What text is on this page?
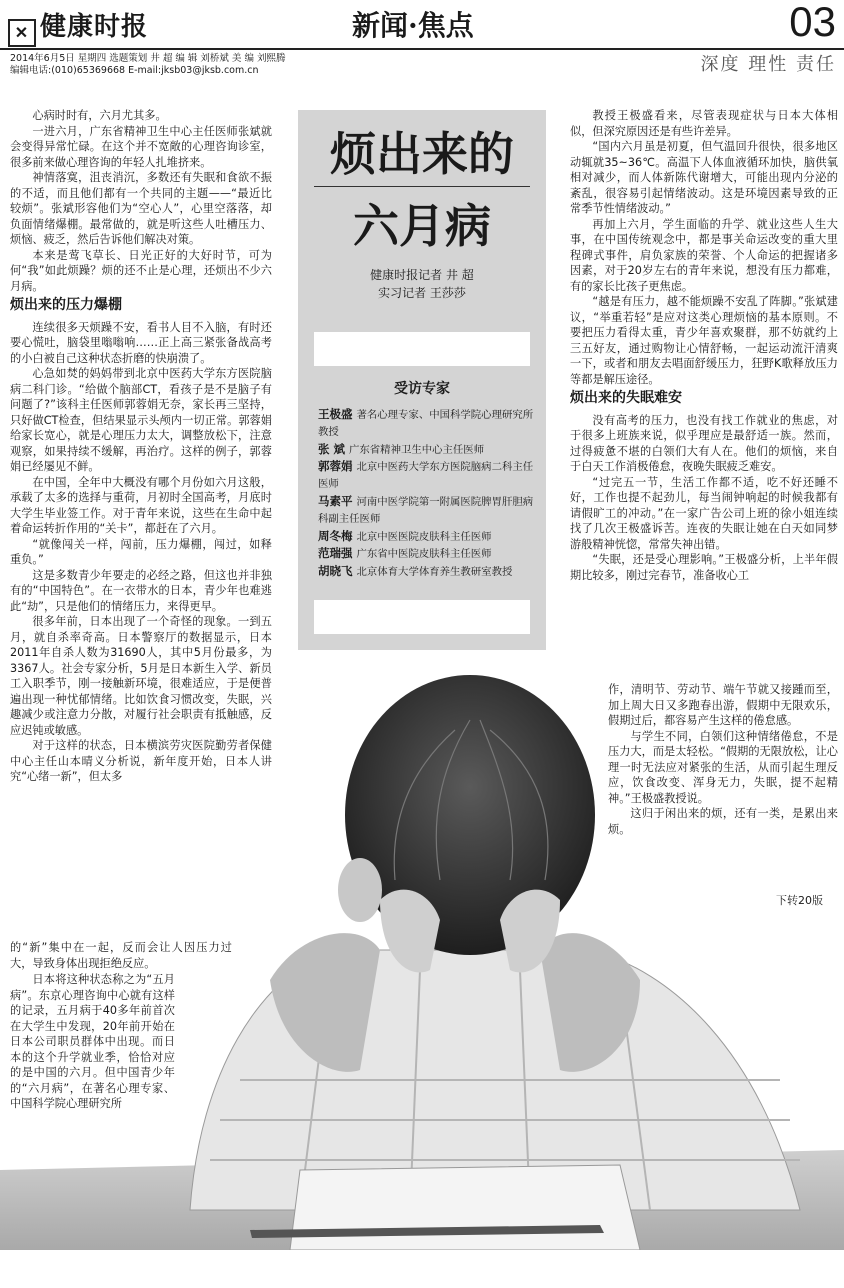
✕ 健康时报	新闻·焦点	03
2014年6月5日 星期四 选题策划 井 超 编 辑 刘桥斌 美 编 刘熙腾
编辑电话:(010)65369668 E-mail:jksb03@jksb.com.cn	深度 理性 责任

心病时时有，六月尤其多。

一进六月，广东省精神卫生中心主任医师张斌就会变得异常忙碌。在这个并不宽敞的心理咨询诊室，很多前来做心理咨询的年轻人扎堆挤来。

神情落寞，沮丧消沉，多数还有失眠和食欲不振的不适，而且他们都有一个共同的主题——“最近比较烦”。张斌形容他们为“空心人”，心里空落落，却负面情绪爆棚。最常做的，就是听这些人吐槽压力、烦恼、疲乏，然后告诉他们解决对策。

本来是莺飞草长、日光正好的大好时节，可为何“我”如此烦躁？烦的还不止是心理，还烦出不少六月病。

烦出来的压力爆棚

连续很多天烦躁不安，看书人目不入脑，有时还要心慌吐，脑袋里嗡嗡响……正上高三紧张备战高考的小白被自己这种状态折磨的快崩溃了。

心急如焚的妈妈带到北京中医药大学东方医院脑病二科门诊。“给做个脑部CT，看孩子是不是脑子有问题了?”该科主任医师郭蓉娟无奈，家长再三坚持，只好做CT检查，但结果显示头颅内一切正常。郭蓉娟给家长宽心，就是心理压力太大，调整放松下，注意观察，如果持续不缓解，再治疗。这样的例子，郭蓉娟已经屡见不鲜。

在中国，全年中大概没有哪个月份如六月这般，承载了太多的选择与重荷，月初时全国高考，月底时大学生毕业签工作。对于青年来说，这些在生命中起着命运转折作用的“关卡”，都赶在了六月。

“就像闯关一样，闯前，压力爆棚，闯过，如释重负。”

这是多数青少年要走的必经之路，但这也并非独有的“中国特色”。在一衣带水的日本，青少年也难逃此“劫”，只是他们的情绪压力，来得更早。

很多年前，日本出现了一个奇怪的现象。一到五月，就自杀率奇高。日本警察厅的数据显示，日本2011年自杀人数为31690人，其中5月份最多，为3367人。社会专家分析，5月是日本新生入学、新员工入职季节，刚一接触新环境，很难适应，于是便普遍出现一种忧郁情绪。比如饮食习惯改变，失眠，兴趣减少或注意力分散，对履行社会职责有抵触感，反应迟钝或敏感。

对于这样的状态，日本横滨劳灾医院勤劳者保健中心主任山本晴义分析说，新年度开始，日本人讲究“心绪一新”，但太多

烦出来的
六月病
健康时报记者 井 超
实习记者 王莎莎
受访专家
王极盛 著名心理专家、中国科学院心理研究所教授
张 斌 广东省精神卫生中心主任医师
郭蓉娟 北京中医药大学东方医院脑病二科主任医师
马素平 河南中医学院第一附属医院脾胃肝胆病科副主任医师
周冬梅 北京中医医院皮肤科主任医师
范瑞强 广东省中医院皮肤科主任医师
胡晓飞 北京体育大学体育养生教研室教授

教授王极盛看来，尽管表现症状与日本大体相似，但深究原因还是有些许差异。

“国内六月虽是初夏，但气温回升很快，很多地区动辄就35~36℃。高温下人体血液循环加快，脑供氧相对减少，而人体新陈代谢增大，可能出现内分泌的紊乱，很容易引起情绪波动。这是环境因素导致的正常季节性情绪波动。”

再加上六月，学生面临的升学、就业这些人生大事，在中国传统观念中，都是事关命运改变的重大里程碑式事件，肩负家族的荣誉、个人命运的把握诸多因素，对于20岁左右的青年来说，想没有压力都难，有的家长比孩子更焦虑。

“越是有压力，越不能烦躁不安乱了阵脚。”张斌建议，“举重若轻”是应对这类心理烦恼的基本原则。不要把压力看得太重，青少年喜欢聚群，那不妨就约上三五好友，通过购物让心情舒畅，一起运动流汗清爽一下，或者和朋友去唱面舒缓压力，狂野K歌释放压力等都是解压途径。

烦出来的失眠难安

没有高考的压力，也没有找工作就业的焦虑，对于很多上班族来说，似乎理应是最舒适一族。然而，过得疲惫不堪的白领们大有人在。他们的烦恼，来自于白天工作消极倦怠，夜晚失眠疲乏难安。

“过完五一节，生活工作都不适，吃不好还睡不好，工作也提不起劲儿，每当闹钟响起的时候我都有请假旷工的冲动。”在一家广告公司上班的徐小姐连续找了几次王极盛诉苦。连夜的失眠让她在白天如同梦游般精神恍惚，常常失神出错。

“失眠，还是受心理影响。”王极盛分析，上半年假期比较多，刚过完春节，准备收心工

的“新”集中在一起，反而会让人因压力过大，导致身体出现拒绝反应。

日本将这种状态称之为“五月病”。东京心理咨询中心就有这样的记录，五月病于40多年前首次在大学生中发现，20年前开始在日本公司职员群体中出现。而日本的这个升学就业季，恰恰对应的是中国的六月。但中国青少年的“六月病”，在著名心理专家、中国科学院心理研究所

作，清明节、劳动节、端午节就又接踵而至，加上周大日又多跑春出游，假期中无限欢乐，假期过后，都容易产生这样的倦怠感。

与学生不同，白领们这种情绪倦怠，不是压力大，而是太轻松。“假期的无限放松，让心理一时无法应对紧张的生活，从而引起生理反应，饮食改变、浑身无力，失眠，提不起精神。”王极盛教授说。

这归于闲出来的烦，还有一类，是累出来烦。

下转20版
